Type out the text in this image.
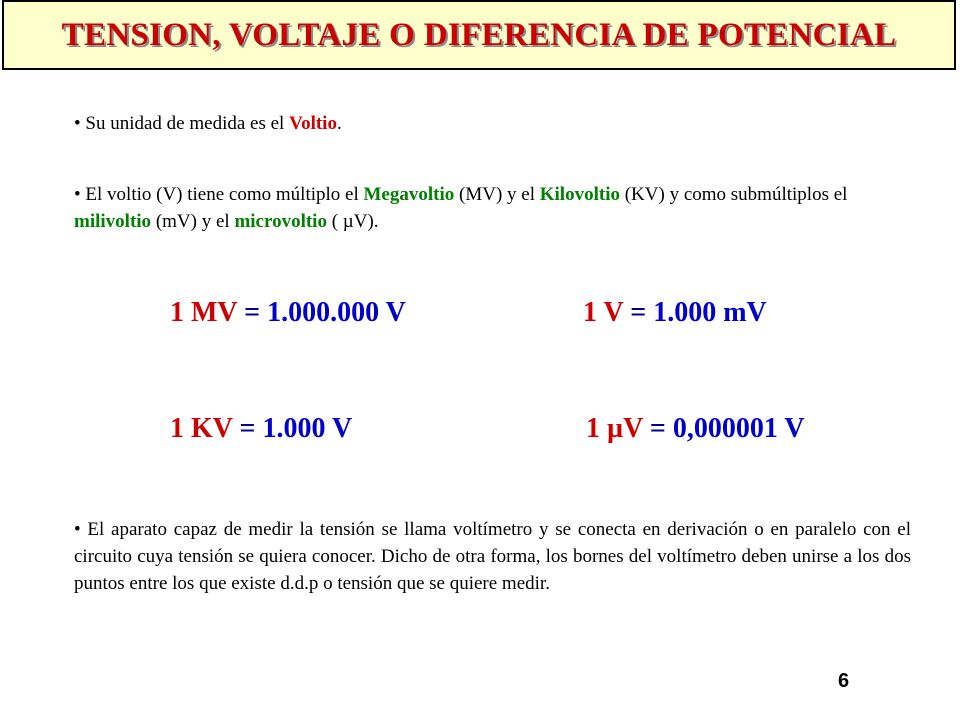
TENSION, VOLTAJE O DIFERENCIA DE POTENCIAL
• Su unidad de medida es el Voltio.
• El voltio (V) tiene como múltiplo el Megavoltio (MV) y el Kilovoltio (KV) y como submúltiplos el milivoltio (mV) y el microvoltio ( µV).
1 MV = 1.000.000 V	1 V = 1.000 mV
1 KV = 1.000 V	1 µV = 0,000001 V
• El aparato capaz de medir la tensión se llama voltímetro y se conecta en derivación o en paralelo con el circuito cuya tensión se quiera conocer. Dicho de otra forma, los bornes del voltímetro deben unirse a los dos puntos entre los que existe d.d.p o tensión que se quiere medir.
6
